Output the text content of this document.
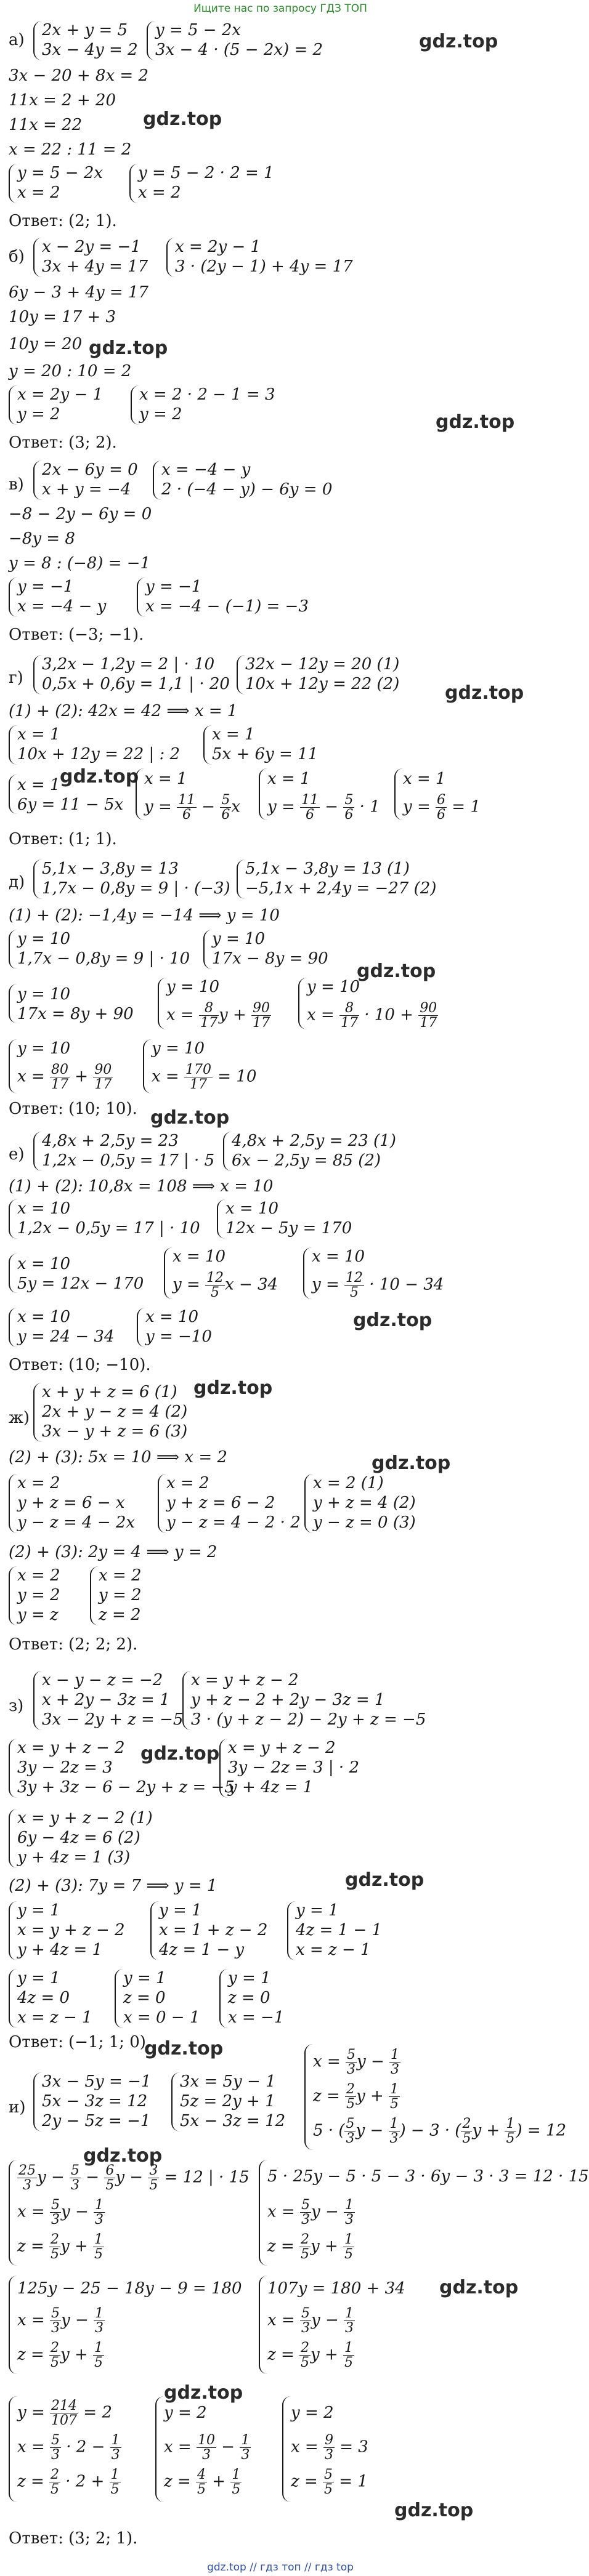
Ищите нас по запросу ГДЗ ТОП
gdz.top
gdz.top
gdz.top
gdz.top
gdz.top
gdz.top
gdz.top
gdz.top
gdz.top
gdz.top
gdz.top
gdz.top
gdz.top
gdz.top
gdz.top
gdz.top
gdz.top
gdz.top
а)
2x + y = 5
3x − 4y = 2
y = 5 − 2x
3x − 4 · (5 − 2x) = 2
3x − 20 + 8x = 2
11x = 2 + 20
11x = 22
x = 22 : 11 = 2
y = 5 − 2x
x = 2
y = 5 − 2 · 2 = 1
x = 2
Ответ: (2; 1).
б)
x − 2y = −1
3x + 4y = 17
x = 2y − 1
3 · (2y − 1) + 4y = 17
6y − 3 + 4y = 17
10y = 17 + 3
10y = 20
y = 20 : 10 = 2
x = 2y − 1
y = 2
x = 2 · 2 − 1 = 3
y = 2
Ответ: (3; 2).
в)
2x − 6y = 0
x + y = −4
x = −4 − y
2 · (−4 − y) − 6y = 0
−8 − 2y − 6y = 0
−8y = 8
y = 8 : (−8) = −1
y = −1
x = −4 − y
y = −1
x = −4 − (−1) = −3
Ответ: (−3; −1).
г)
3,2x − 1,2y = 2 | · 10
0,5x + 0,6y = 1,1 | · 20
32x − 12y = 20 (1)
10x + 12y = 22 (2)
(1) + (2): 42x = 42 ⟹ x = 1
x = 1
10x + 12y = 22 | : 2
x = 1
5x + 6y = 11
x = 1
6y = 11 − 5x
x = 1
$y = \frac{11}{6} - \frac{5}{6}$ x
x = 1
$y = \frac{11}{6} - \frac{5}{6} \cdot 1$
x = 1
$y = \frac{6}{6} = 1$
Ответ: (1; 1).
д)
5,1x − 3,8y = 13
1,7x − 0,8y = 9 | · (−3)
5,1x − 3,8y = 13 (1)
−5,1x + 2,4y = −27 (2)
(1) + (2): −1,4y = −14 ⟹ y = 10
y = 10
1,7x − 0,8y = 9 | · 10
y = 10
17x − 8y = 90
y = 10
17x = 8y + 90
y = 10
$x = \frac{8}{17}$ $y + \frac{90}{17}$
y = 10
$x = \frac{8}{17} \cdot 10 + \frac{90}{17}$
y = 10
$x = \frac{80}{17} + \frac{90}{17}$
y = 10
$x = \frac{170}{17} = 10$
Ответ: (10; 10).
е)
4,8x + 2,5y = 23
1,2x − 0,5y = 17 | · 5
4,8x + 2,5y = 23 (1)
6x − 2,5y = 85 (2)
(1) + (2): 10,8x = 108 ⟹ x = 10
x = 10
1,2x − 0,5y = 17 | · 10
x = 10
12x − 5y = 170
x = 10
5y = 12x − 170
x = 10
$y = \frac{12}{5}$ x − 34
x = 10
$y = \frac{12}{5} \cdot 10 - 34$
x = 10
y = 24 − 34
x = 10
y = −10
Ответ: (10; −10).
ж)
x + y + z = 6 (1)
2x + y − z = 4 (2)
3x − y + z = 6 (3)
(2) + (3): 5x = 10 ⟹ x = 2
x = 2
y + z = 6 − x
y − z = 4 − 2x
x = 2
y + z = 6 − 2
y − z = 4 − 2 · 2
x = 2 (1)
y + z = 4 (2)
y − z = 0 (3)
(2) + (3): 2y = 4 ⟹ y = 2
x = 2
y = 2
y = z
x = 2
y = 2
z = 2
Ответ: (2; 2; 2).
з)
x − y − z = −2
x + 2y − 3z = 1
3x − 2y + z = −5
x = y + z − 2
y + z − 2 + 2y − 3z = 1
3 · (y + z − 2) − 2y + z = −5
x = y + z − 2
3y − 2z = 3
3y + 3z − 6 − 2y + z = −5
x = y + z − 2
3y − 2z = 3 | · 2
y + 4z = 1
x = y + z − 2 (1)
6y − 4z = 6 (2)
y + 4z = 1 (3)
(2) + (3): 7y = 7 ⟹ y = 1
y = 1
x = y + z − 2
y + 4z = 1
y = 1
x = 1 + z − 2
4z = 1 − y
y = 1
4z = 1 − 1
x = z − 1
y = 1
4z = 0
x = z − 1
y = 1
z = 0
x = 0 − 1
y = 1
z = 0
x = −1
Ответ: (−1; 1; 0).
и)
3x − 5y = −1
5x − 3z = 12
2y − 5z = −1
3x = 5y − 1
5z = 2y + 1
5x − 3z = 12
$x = \frac{5}{3}$ $y - \frac{1}{3}$
$z = \frac{2}{5}$ $y + \frac{1}{5}$
5 · ( $\frac{5}{3}$ $y - \frac{1}{3}$ ) − 3 · ( $\frac{2}{5}$ $y + \frac{1}{5}$ ) = 12
$\frac{25}{3}$ $y - \frac{5}{3} - \frac{6}{5}$ $y - \frac{3}{5} = 12$ | · 15
$x = \frac{5}{3}$ $y - \frac{1}{3}$
$z = \frac{2}{5}$ $y + \frac{1}{5}$
5 · 25y − 5 · 5 − 3 · 6y − 3 · 3 = 12 · 15
$x = \frac{5}{3}$ $y - \frac{1}{3}$
$z = \frac{2}{5}$ $y + \frac{1}{5}$
125y − 25 − 18y − 9 = 180
$x = \frac{5}{3}$ $y - \frac{1}{3}$
$z = \frac{2}{5}$ $y + \frac{1}{5}$
107y = 180 + 34
$x = \frac{5}{3}$ $y - \frac{1}{3}$
$z = \frac{2}{5}$ $y + \frac{1}{5}$
$y = \frac{214}{107} = 2$
$x = \frac{5}{3} \cdot 2 - \frac{1}{3}$
$z = \frac{2}{5} \cdot 2 + \frac{1}{5}$
y = 2
$x = \frac{10}{3} - \frac{1}{3}$
$z = \frac{4}{5} + \frac{1}{5}$
y = 2
$x = \frac{9}{3} = 3$
$z = \frac{5}{5} = 1$
Ответ: (3; 2; 1).
gdz.top // гдз топ // гдз top
